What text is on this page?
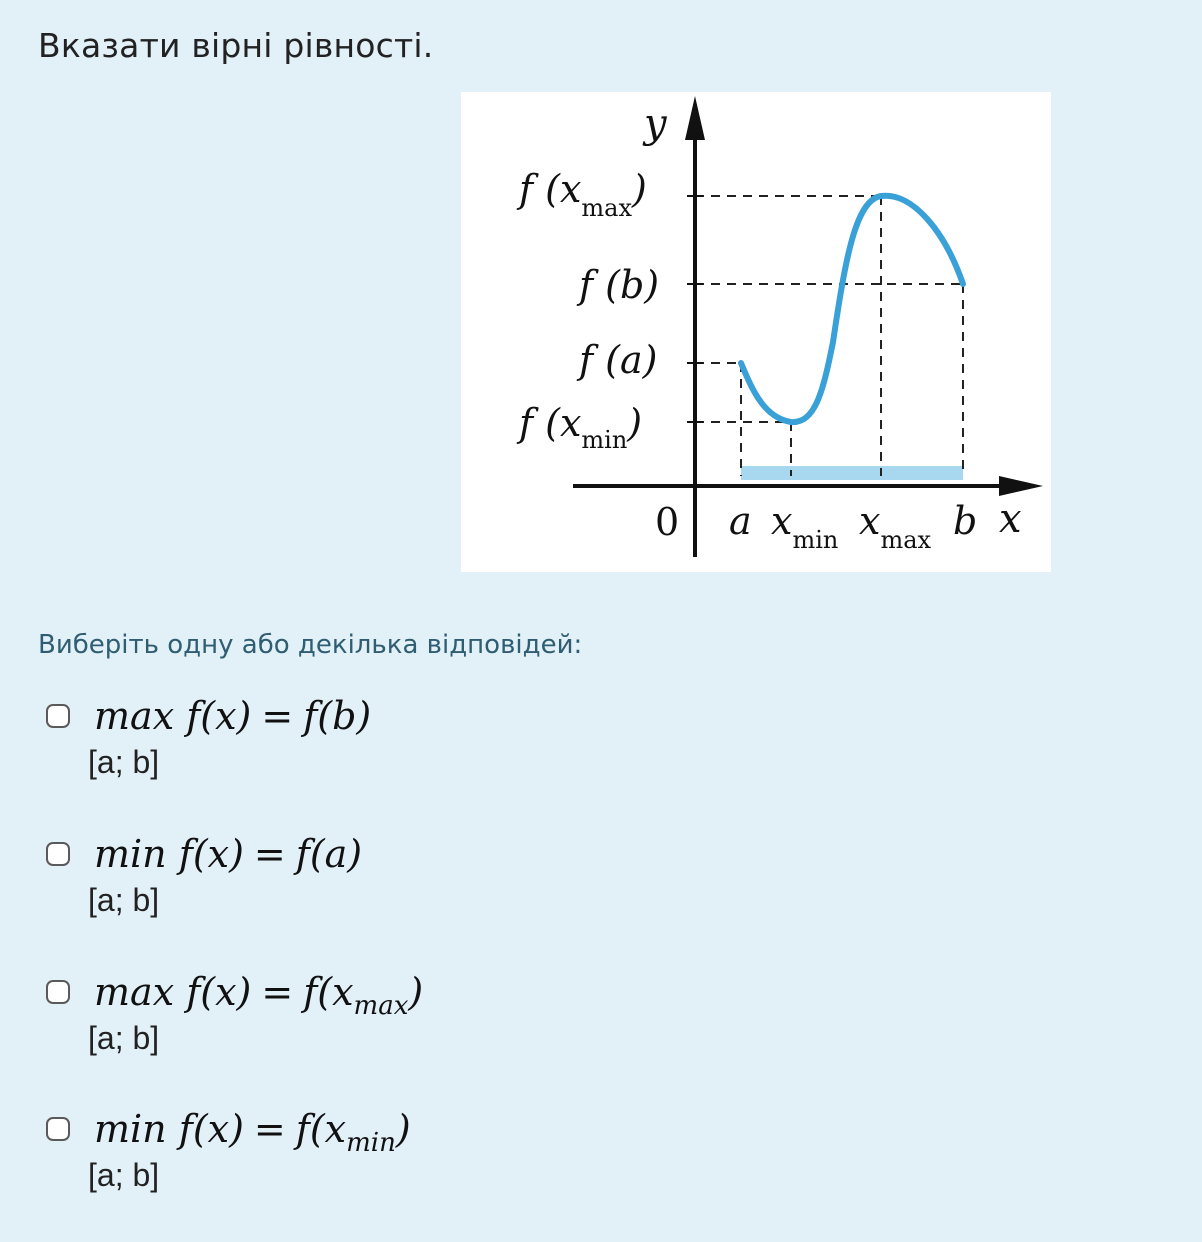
Вказати вірні рівності.
y
x
0
f $(x_{max})$
f (b)
f (a)
f $(x_{min})$
a $x_{min}$ $x_{max}$ b
Виберіть одну або декілька відповідей:
max f(x) = f(b)
[a; b]
min f(x) = f(a)
[a; b]
$\max f(x) = f(x_{max})$
[a; b]
$\min f(x) = f(x_{min})$
[a; b]
